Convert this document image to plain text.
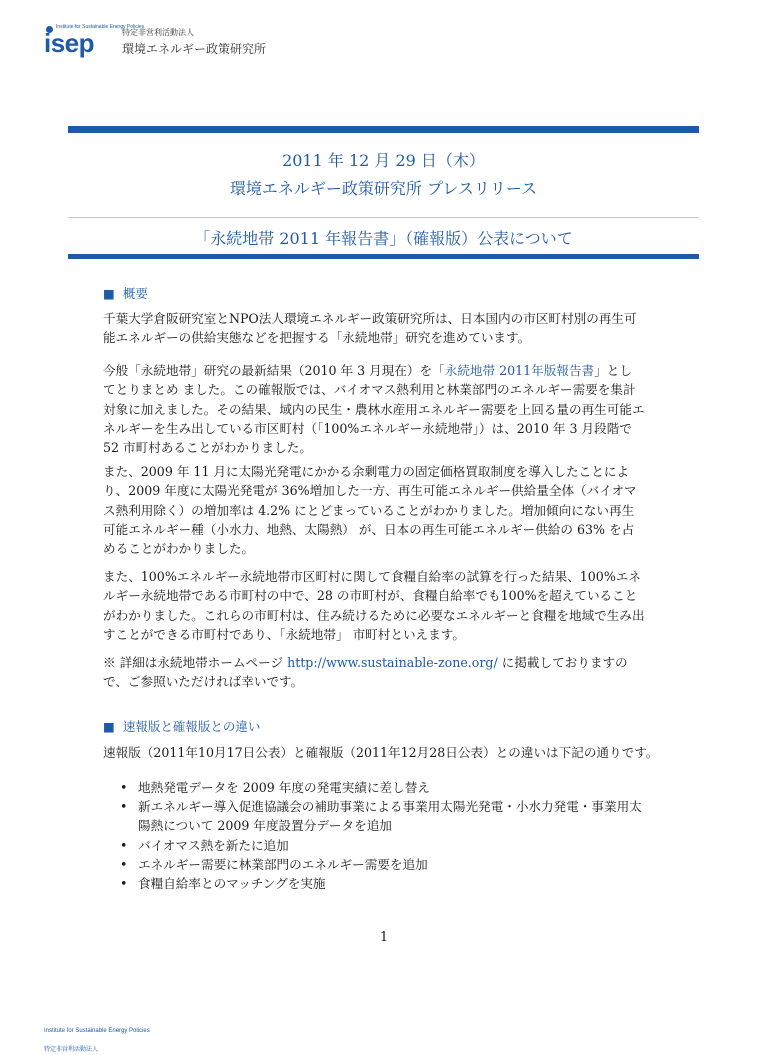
Institute for Sustainable Energy Policies
isep	特定非営利活動法人
環境エネルギー政策研究所
2011 年 12 月 29 日（木）
環境エネルギー政策研究所 プレスリリース
「永続地帯 2011 年報告書」（確報版）公表について
■ 概要
千葉大学倉阪研究室とNPO法人環境エネルギー政策研究所は、日本国内の市区町村別の再生可
能エネルギーの供給実態などを把握する「永続地帯」研究を進めています。
今般「永続地帯」研究の最新結果（2010 年 3 月現在）を「永続地帯 2011年版報告書」とし
てとりまとめ ました。この確報版では、バイオマス熱利用と林業部門のエネルギー需要を集計
対象に加えました。その結果、域内の民生・農林水産用エネルギー需要を上回る量の再生可能エ
ネルギーを生み出している市区町村（「100%エネルギー永続地帯」）は、2010 年 3 月段階で
52 市町村あることがわかりました。
また、2009 年 11 月に太陽光発電にかかる余剰電力の固定価格買取制度を導入したことによ
り、2009 年度に太陽光発電が 36%増加した一方、再生可能エネルギー供給量全体（バイオマ
ス熱利用除く）の増加率は 4.2% にとどまっていることがわかりました。増加傾向にない再生
可能エネルギー種（小水力、地熱、太陽熱） が、日本の再生可能エネルギー供給の 63% を占
めることがわかりました。
また、100%エネルギー永続地帯市区町村に関して食糧自給率の試算を行った結果、100%エネ
ルギー永続地帯である市町村の中で、28 の市町村が、食糧自給率でも100%を超えていること
がわかりました。これらの市町村は、住み続けるために必要なエネルギーと食糧を地域で生み出
すことができる市町村であり、「永続地帯」 市町村といえます。
※ 詳細は永続地帯ホームページ http://www.sustainable-zone.org/ に掲載しておりますの
で、ご参照いただければ幸いです。
■ 速報版と確報版との違い
速報版（2011年10月17日公表）と確報版（2011年12月28日公表）との違いは下記の通りです。
• 地熱発電データを 2009 年度の発電実績に差し替え
• 新エネルギー導入促進協議会の補助事業による事業用太陽光発電・小水力発電・事業用太
陽熱について 2009 年度設置分データを追加
• バイオマス熱を新たに追加
• エネルギー需要に林業部門のエネルギー需要を追加
• 食糧自給率とのマッチングを実施
1
Institute for Sustainable Energy Policies 特定非営利活動法人
